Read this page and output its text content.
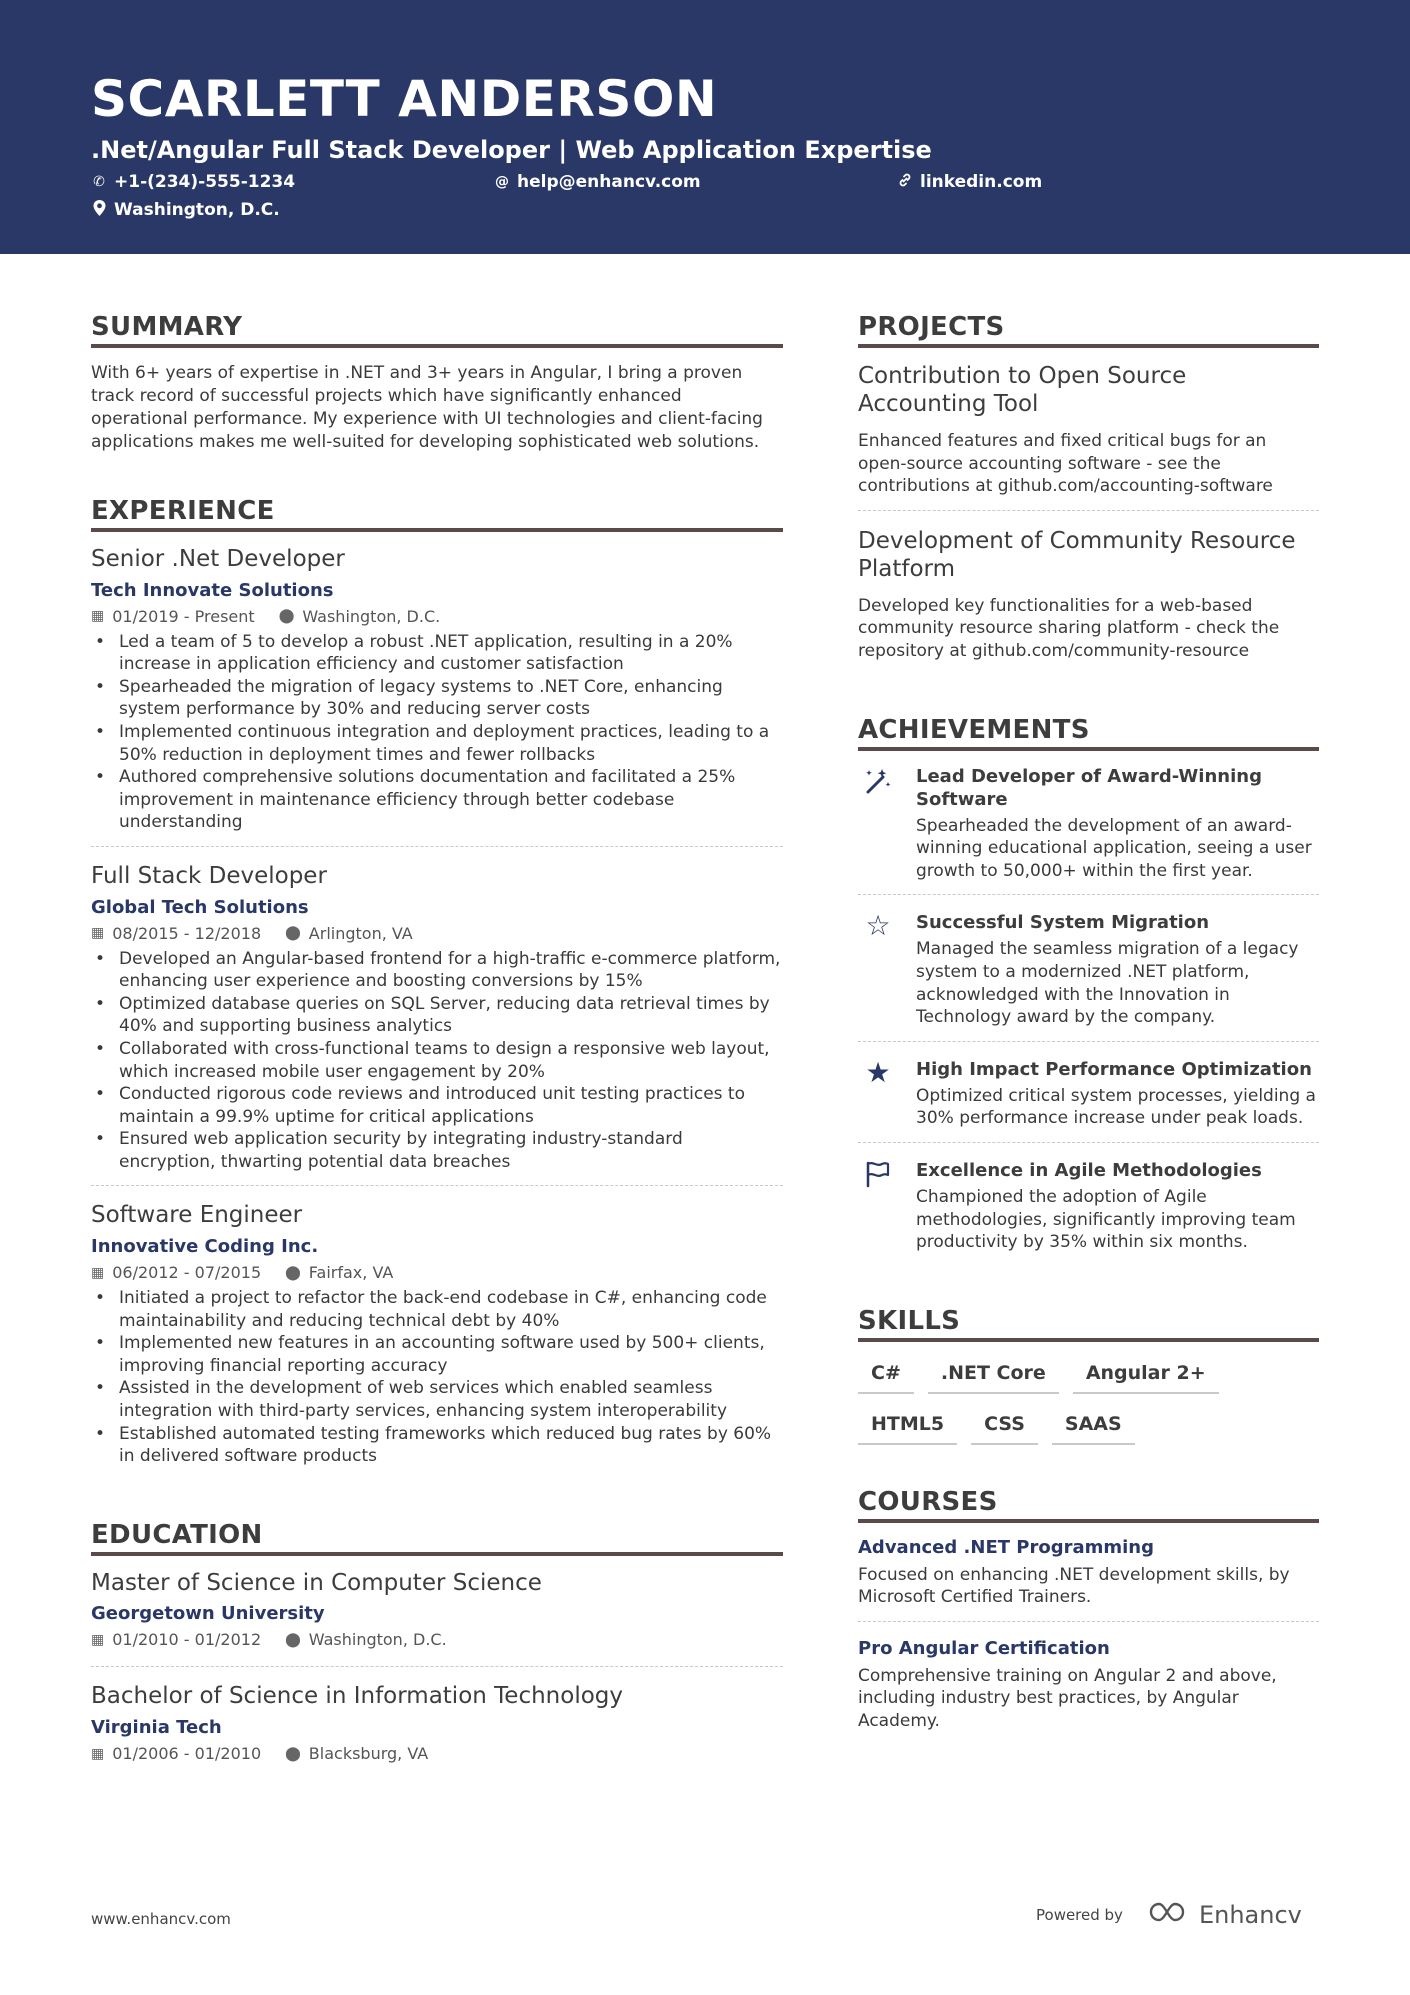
SCARLETT ANDERSON
.Net/Angular Full Stack Developer | Web Application Expertise
✆ +1-(234)-555-1234	@ help@enhancv.com	linkedin.com
Washington, D.C.
SUMMARY

With 6+ years of expertise in .NET and 3+ years in Angular, I bring a proven track record of successful projects which have significantly enhanced operational performance. My experience with UI technologies and client-facing applications makes me well-suited for developing sophisticated web solutions.

EXPERIENCE
Senior .Net Developer
Tech Innovate Solutions
▦ 01/2019 - Present ⬤ Washington, D.C.
• Led a team of 5 to develop a robust .NET application, resulting in a 20% increase in application efficiency and customer satisfaction
• Spearheaded the migration of legacy systems to .NET Core, enhancing system performance by 30% and reducing server costs
• Implemented continuous integration and deployment practices, leading to a 50% reduction in deployment times and fewer rollbacks
• Authored comprehensive solutions documentation and facilitated a 25% improvement in maintenance efficiency through better codebase understanding
Full Stack Developer
Global Tech Solutions
▦ 08/2015 - 12/2018 ⬤ Arlington, VA
• Developed an Angular-based frontend for a high-traffic e-commerce platform, enhancing user experience and boosting conversions by 15%
• Optimized database queries on SQL Server, reducing data retrieval times by 40% and supporting business analytics
• Collaborated with cross-functional teams to design a responsive web layout, which increased mobile user engagement by 20%
• Conducted rigorous code reviews and introduced unit testing practices to maintain a 99.9% uptime for critical applications
• Ensured web application security by integrating industry-standard encryption, thwarting potential data breaches
Software Engineer
Innovative Coding Inc.
▦ 06/2012 - 07/2015 ⬤ Fairfax, VA
• Initiated a project to refactor the back-end codebase in C#, enhancing code maintainability and reducing technical debt by 40%
• Implemented new features in an accounting software used by 500+ clients, improving financial reporting accuracy
• Assisted in the development of web services which enabled seamless integration with third-party services, enhancing system interoperability
• Established automated testing frameworks which reduced bug rates by 60% in delivered software products
EDUCATION
Master of Science in Computer Science
Georgetown University
▦ 01/2010 - 01/2012 ⬤ Washington, D.C.
Bachelor of Science in Information Technology
Virginia Tech
▦ 01/2006 - 01/2010 ⬤ Blacksburg, VA
PROJECTS
Contribution to Open Source Accounting Tool

Enhanced features and fixed critical bugs for an open-source accounting software - see the contributions at github.com/accounting-software

Development of Community Resource Platform

Developed key functionalities for a web-based community resource sharing platform - check the repository at github.com/community-resource

ACHIEVEMENTS
Lead Developer of Award-Winning Software

Spearheaded the development of an award-winning educational application, seeing a user growth to 50,000+ within the first year.

☆	Successful System Migration

Managed the seamless migration of a legacy system to a modernized .NET platform, acknowledged with the Innovation in Technology award by the company.

★	High Impact Performance Optimization

Optimized critical system processes, yielding a 30% performance increase under peak loads.

Excellence in Agile Methodologies

Championed the adoption of Agile methodologies, significantly improving team productivity by 35% within six months.

SKILLS
C#	.NET Core	Angular 2+
HTML5	CSS	SAAS
COURSES
Advanced .NET Programming

Focused on enhancing .NET development skills, by Microsoft Certified Trainers.

Pro Angular Certification

Comprehensive training on Angular 2 and above, including industry best practices, by Angular Academy.

www.enhancv.com	Powered by	Enhancv
